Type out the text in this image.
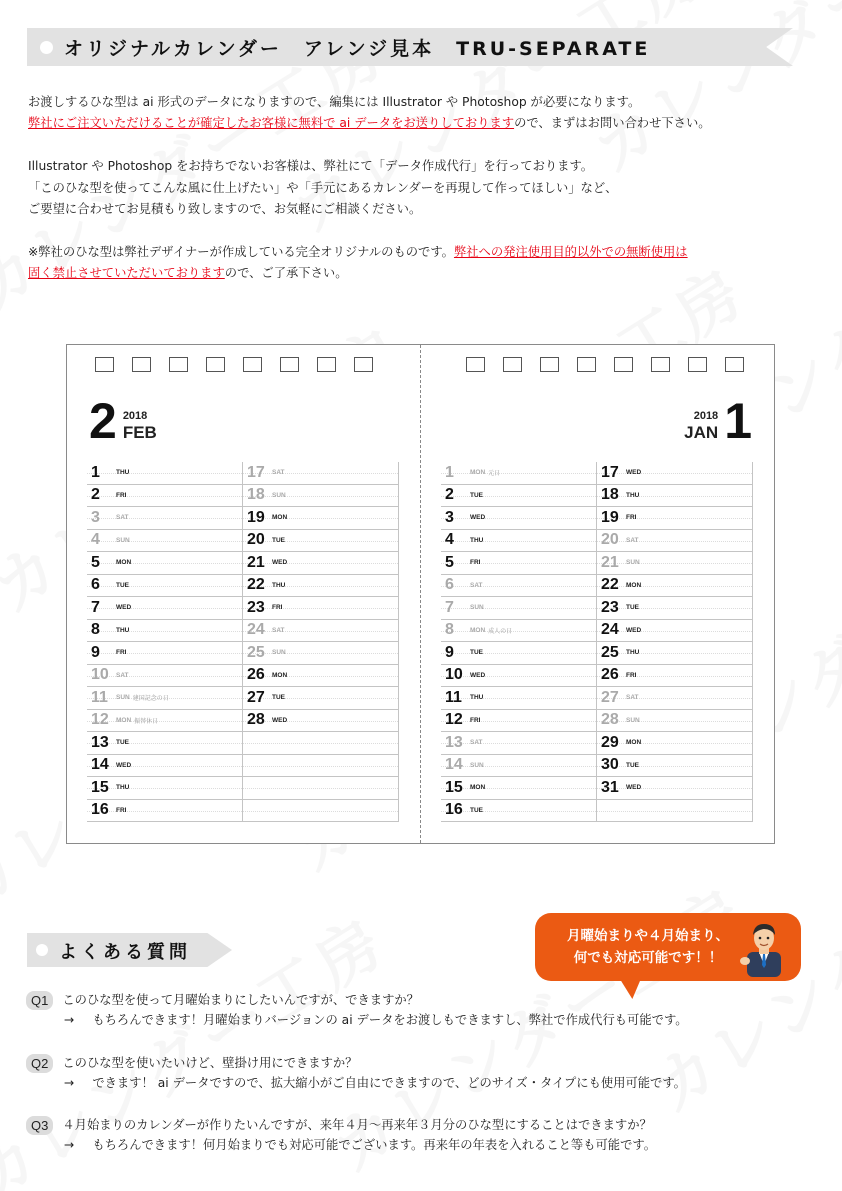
オリジナルカレンダー　アレンジ見本　TRU-SEPARATE

お渡しするひな型は ai 形式のデータになりますので、編集には Illustrator や Photoshop が必要になります。

弊社にご注文いただけることが確定したお客様に無料で ai データをお送りしておりますので、まずはお問い合わせ下さい。

Illustrator や Photoshop をお持ちでないお客様は、弊社にて「データ作成代行」を行っております。

「このひな型を使ってこんな風に仕上げたい」や「手元にあるカレンダーを再現して作ってほしい」など、

ご要望に合わせてお見積もり致しますので、お気軽にご相談ください。

※弊社のひな型は弊社デザイナーが作成している完全オリジナルのものです。弊社への発注使用目的以外での無断使用は

固く禁止させていただいておりますので、ご了承下さい。

2 2018
FEB
2018
JAN 1
1	THU
2	FRI
3	SAT
4	SUN
5	MON
6	TUE
7	WED
8	THU
9	FRI
10	SAT
11	SUN 建国記念の日
12	MON 振替休日
13	TUE
14	WED
15	THU
16	FRI
17	SAT
18	SUN
19	MON
20	TUE
21	WED
22	THU
23	FRI
24	SAT
25	SUN
26	MON
27	TUE
28	WED
1	MON 元日
2	TUE
3	WED
4	THU
5	FRI
6	SAT
7	SUN
8	MON 成人の日
9	TUE
10	WED
11	THU
12	FRI
13	SAT
14	SUN
15	MON
16	TUE
17	WED
18	THU
19	FRI
20	SAT
21	SUN
22	MON
23	TUE
24	WED
25	THU
26	FRI
27	SAT
28	SUN
29	MON
30	TUE
31	WED
月曜始まりや４月始まり、
何でも対応可能です！！
よくある質問
Q1	このひな型を使って月曜始まりにしたいんですが、できますか？
→ もちろんできます！月曜始まりバージョンの ai データをお渡しもできますし、弊社で作成代行も可能です。
Q2	このひな型を使いたいけど、壁掛け用にできますか？
→ できます！ ai データですので、拡大縮小がご自由にできますので、どのサイズ・タイプにも使用可能です。
Q3	４月始まりのカレンダーが作りたいんですが、来年４月～再来年３月分のひな型にすることはできますか？
→ もちろんできます！何月始まりでも対応可能でございます。再来年の年表を入れること等も可能です。
